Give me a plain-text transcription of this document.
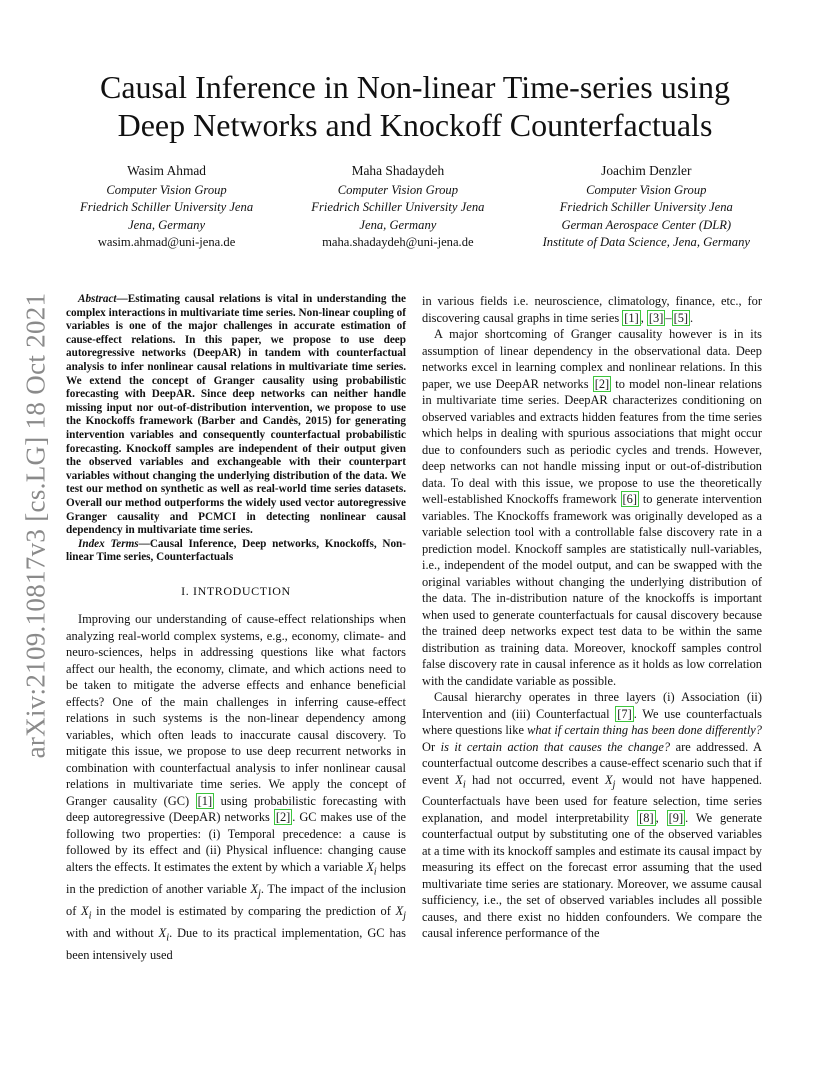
arXiv:2109.10817v3 [cs.LG] 18 Oct 2021
Causal Inference in Non-linear Time-series using Deep Networks and Knockoff Counterfactuals
Wasim Ahmad
Computer Vision Group
Friedrich Schiller University Jena
Jena, Germany
wasim.ahmad@uni-jena.de
Maha Shadaydeh
Computer Vision Group
Friedrich Schiller University Jena
Jena, Germany
maha.shadaydeh@uni-jena.de
Joachim Denzler
Computer Vision Group
Friedrich Schiller University Jena
German Aerospace Center (DLR)
Institute of Data Science, Jena, Germany

Abstract—Estimating causal relations is vital in understanding the complex interactions in multivariate time series. Non-linear coupling of variables is one of the major challenges in accurate estimation of cause-effect relations. In this paper, we propose to use deep autoregressive networks (DeepAR) in tandem with counterfactual analysis to infer nonlinear causal relations in multivariate time series. We extend the concept of Granger causality using probabilistic forecasting with DeepAR. Since deep networks can neither handle missing input nor out-of-distribution intervention, we propose to use the Knockoffs framework (Barber and Candès, 2015) for generating intervention variables and consequently counterfactual probabilistic forecasting. Knockoff samples are independent of their output given the observed variables and exchangeable with their counterpart variables without changing the underlying distribution of the data. We test our method on synthetic as well as real-world time series datasets. Overall our method outperforms the widely used vector autoregressive Granger causality and PCMCI in detecting nonlinear causal dependency in multivariate time series.

Index Terms—Causal Inference, Deep networks, Knockoffs, Non-linear Time series, Counterfactuals

I. INTRODUCTION

Improving our understanding of cause-effect relationships when analyzing real-world complex systems, e.g., economy, climate- and neuro-sciences, helps in addressing questions like what factors affect our health, the economy, climate, and which actions need to be taken to mitigate the adverse effects and enhance beneficial effects? One of the main challenges in inferring cause-effect relations in such systems is the non-linear dependency among variables, which often leads to inaccurate causal discovery. To mitigate this issue, we propose to use deep recurrent networks in combination with counterfactual analysis to infer nonlinear causal relations in multivariate time series. We apply the concept of Granger causality (GC) [1] using probabilistic forecasting with deep autoregressive (DeepAR) networks [2] . GC makes use of the following two properties: (i) Temporal precedence: a cause is followed by its effect and (ii) Physical influence: changing cause alters the effects. It estimates the extent by which a variable $X_i$ helps in the prediction of another variable $X_j$. The impact of the inclusion of $X_i$ in the model is estimated by comparing the prediction of $X_j$ with and without $X_i$. Due to its practical implementation, GC has been intensively used

in various fields i.e. neuroscience, climatology, finance, etc., for discovering causal graphs in time series [1] , [3] – [5] .

A major shortcoming of Granger causality however is in its assumption of linear dependency in the observational data. Deep networks excel in learning complex and nonlinear relations. In this paper, we use DeepAR networks [2] to model non-linear relations in multivariate time series. DeepAR characterizes conditioning on observed variables and extracts hidden features from the time series which helps in dealing with spurious associations that might occur due to confounders such as periodic cycles and trends. However, deep networks can not handle missing input or out-of-distribution data. To deal with this issue, we propose to use the theoretically well-established Knockoffs framework [6] to generate intervention variables. The Knockoffs framework was originally developed as a variable selection tool with a controllable false discovery rate in a prediction model. Knockoff samples are statistically null-variables, i.e., independent of the model output, and can be swapped with the original variables without changing the underlying distribution of the data. The in-distribution nature of the knockoffs is important when used to generate counterfactuals for causal discovery because the trained deep networks expect test data to be within the same distribution as training data. Moreover, knockoff samples control false discovery rate in causal inference as it holds as low correlation with the candidate variable as possible.

Causal hierarchy operates in three layers (i) Association (ii) Intervention and (iii) Counterfactual [7] . We use counterfactuals where questions like what if certain thing has been done differently? Or is it certain action that causes the change? are addressed. A counterfactual outcome describes a cause-effect scenario such that if event $X_i$ had not occurred, event $X_j$ would not have happened. Counterfactuals have been used for feature selection, time series explanation, and model interpretability [8] , [9] . We generate counterfactual output by substituting one of the observed variables at a time with its knockoff samples and estimate its causal impact by measuring its effect on the forecast error assuming that the used multivariate time series are stationary. Moreover, we assume causal sufficiency, i.e., the set of observed variables includes all possible causes, and there exist no hidden confounders. We compare the causal inference performance of the
